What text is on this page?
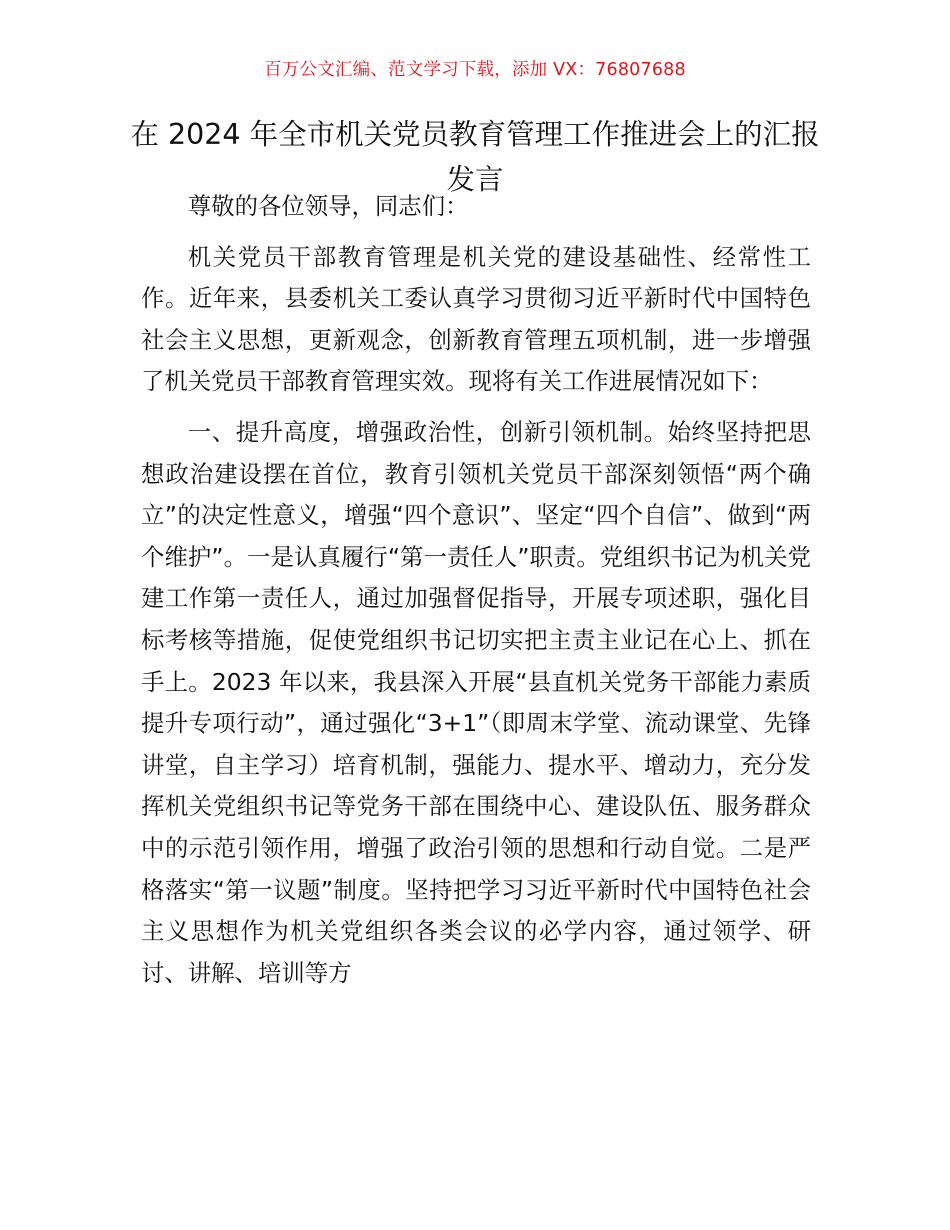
百万公文汇编、范文学习下载，添加 VX：76807688
在 2024 年全市机关党员教育管理工作推进会上的汇报发言

尊敬的各位领导，同志们：

机关党员干部教育管理是机关党的建设基础性、经常性工作。近年来，县委机关工委认真学习贯彻习近平新时代中国特色社会主义思想，更新观念，创新教育管理五项机制，进一步增强了机关党员干部教育管理实效。现将有关工作进展情况如下：

一、提升高度，增强政治性，创新引领机制。始终坚持把思想政治建设摆在首位，教育引领机关党员干部深刻领悟“两个确立”的决定性意义，增强“四个意识”、坚定“四个自信”、做到“两个维护”。一是认真履行“第一责任人”职责。党组织书记为机关党建工作第一责任人，通过加强督促指导，开展专项述职，强化目标考核等措施，促使党组织书记切实把主责主业记在心上、抓在手上。2023 年以来，我县深入开展“县直机关党务干部能力素质提升专项行动”，通过强化“3+1”（即周末学堂、流动课堂、先锋讲堂，自主学习）培育机制，强能力、提水平、增动力，充分发挥机关党组织书记等党务干部在围绕中心、建设队伍、服务群众中的示范引领作用，增强了政治引领的思想和行动自觉。二是严格落实“第一议题”制度。坚持把学习习近平新时代中国特色社会主义思想作为机关党组织各类会议的必学内容，通过领学、研讨、讲解、培训等方
